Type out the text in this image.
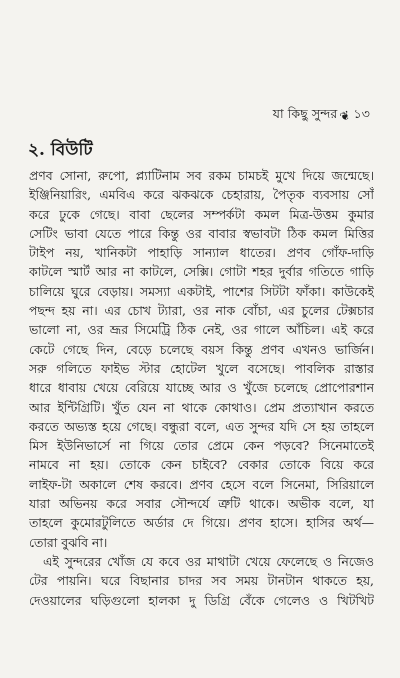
যা কিছু সুন্দর ❦ ১৩
২. বিউটি
প্রণব সোনা, রুপো, প্ল্যাটিনাম সব রকম চামচই মুখে দিয়ে জন্মেছে।
ইঞ্জিনিয়ারিং, এমবিএ করে ঝকঝকে চেহারায়, পৈতৃক ব্যবসায় সোঁ
করে ঢুকে গেছে। বাবা ছেলের সম্পর্কটা কমল মিত্র-উত্তম কুমার
সেটিং ভাবা যেতে পারে কিন্তু ওর বাবার স্বভাবটা ঠিক কমল মিত্তির
টাইপ নয়, খানিকটা পাহাড়ি সান্যাল ধাতের। প্রণব গোঁফ-দাড়ি
কাটলে স্মার্ট আর না কাটলে, সেক্সি। গোটা শহর দুর্বার গতিতে গাড়ি
চালিয়ে ঘুরে বেড়ায়। সমস্যা একটাই, পাশের সিটটা ফাঁকা। কাউকেই
পছন্দ হয় না। এর চোখ ট্যারা, ওর নাক বোঁচা, এর চুলের টেক্সচার
ভালো না, ওর ভ্রূর সিমেট্রি ঠিক নেই, ওর গালে আঁচিল। এই করে
কেটে গেছে দিন, বেড়ে চলেছে বয়স কিন্তু প্রণব এখনও ভার্জিন।
সরু গলিতে ফাইভ স্টার হোটেল খুলে বসেছে। পাবলিক রাস্তার
ধারে ধাবায় খেয়ে বেরিয়ে যাচ্ছে আর ও খুঁজে চলেছে প্রোপোরশান
আর ইন্টিগ্রিটি। খুঁত যেন না থাকে কোথাও। প্রেম প্রত্যাখান করতে
করতে অভ্যস্ত হয়ে গেছে। বন্ধুরা বলে, এত সুন্দর যদি সে হয় তাহলে
মিস ইউনিভার্সে না গিয়ে তোর প্রেমে কেন পড়বে? সিনেমাতেই
নামবে না হয়। তোকে কেন চাইবে? বেকার তোকে বিয়ে করে
লাইফ-টা অকালে শেষ করবে। প্রণব হেসে বলে সিনেমা, সিরিয়ালে
যারা অভিনয় করে সবার সৌন্দর্যে ত্রুটি থাকে। অভীক বলে, যা
তাহলে কুমোরটুলিতে অর্ডার দে গিয়ে। প্রণব হাসে। হাসির অর্থ—
তোরা বুঝবি না।
এই সুন্দরের খোঁজ যে কবে ওর মাথাটা খেয়ে ফেলেছে ও নিজেও
টের পায়নি। ঘরে বিছানার চাদর সব সময় টানটান থাকতে হয়,
দেওয়ালের ঘড়িগুলো হালকা দু ডিগ্রি বেঁকে গেলেও ও খিটখিট
